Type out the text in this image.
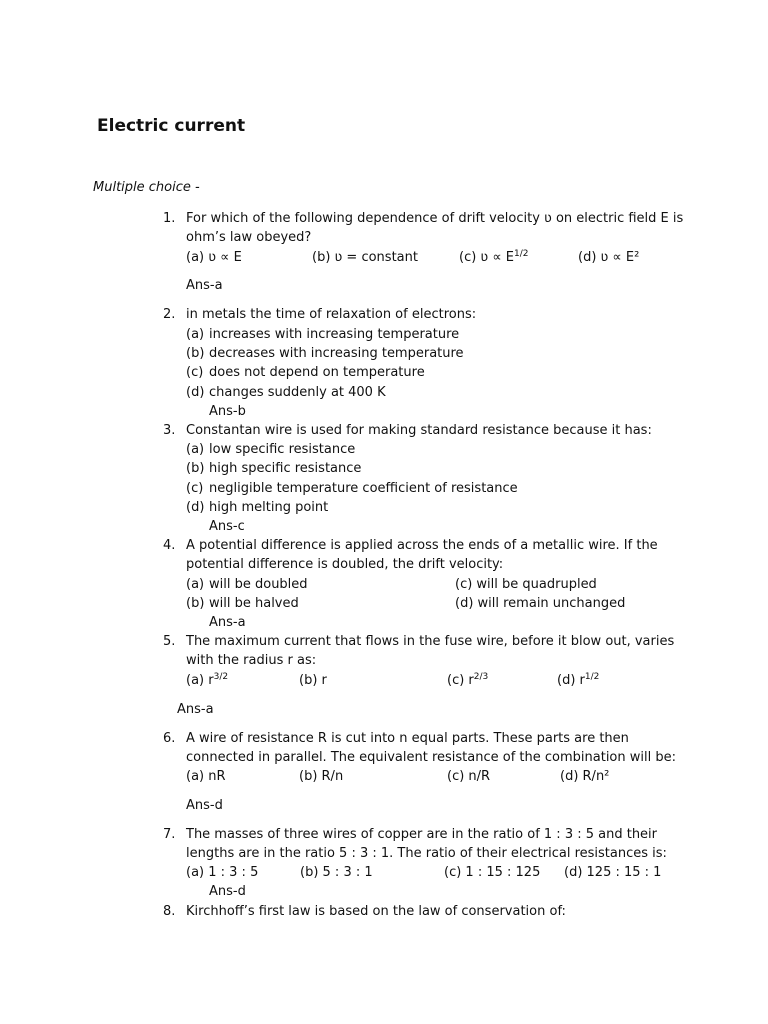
Electric current
Multiple choice -
1. For which of the following dependence of drift velocity ʋ on electric field E is
ohm’s law obeyed?
(a) ʋ ∝ E	(b) ʋ = constant	(c) ʋ ∝ $E^{1/2}$	(d) ʋ ∝ E²
Ans-a
2. in metals the time of relaxation of electrons:
(a) increases with increasing temperature
(b) decreases with increasing temperature
(c) does not depend on temperature
(d) changes suddenly at 400 K
Ans-b
3. Constantan wire is used for making standard resistance because it has:
(a) low specific resistance
(b) high specific resistance
(c) negligible temperature coefficient of resistance
(d) high melting point
Ans-c
4. A potential difference is applied across the ends of a metallic wire. If the
potential difference is doubled, the drift velocity:
(a) will be doubled	(c) will be quadrupled
(b) will be halved	(d) will remain unchanged
Ans-a
5. The maximum current that flows in the fuse wire, before it blow out, varies
with the radius r as:
(a) $r^{3/2}$	(b) r	(c) $r^{2/3}$	(d) $r^{1/2}$
Ans-a
6. A wire of resistance R is cut into n equal parts. These parts are then
connected in parallel. The equivalent resistance of the combination will be:
(a) nR	(b) R/n	(c) n/R	(d) R/n²
Ans-d
7. The masses of three wires of copper are in the ratio of 1 : 3 : 5 and their
lengths are in the ratio 5 : 3 : 1. The ratio of their electrical resistances is:
(a) 1 : 3 : 5	(b) 5 : 3 : 1	(c) 1 : 15 : 125 (d) 125 : 15 : 1
Ans-d
8. Kirchhoff’s first law is based on the law of conservation of:
